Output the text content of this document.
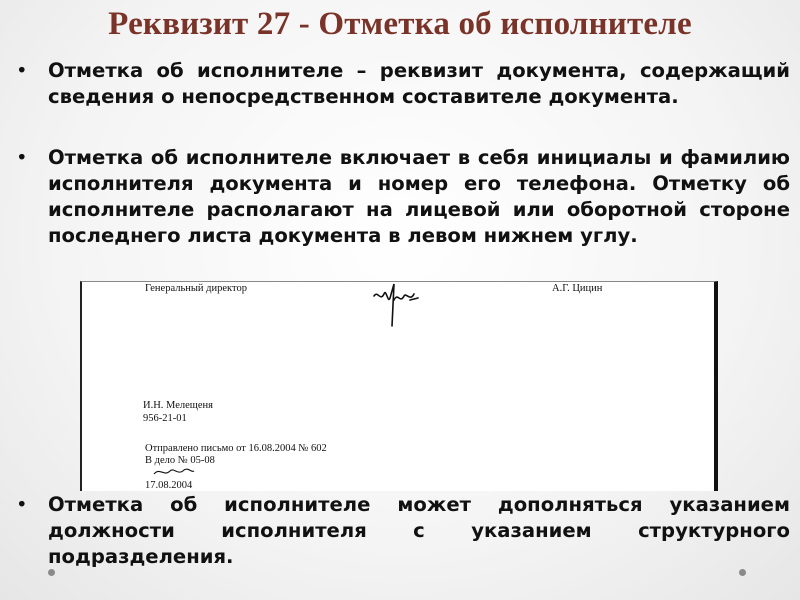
Реквизит 27 - Отметка об исполнителе
• Отметка об исполнителе – реквизит документа, содержащий сведения о непосредственном составителе документа.
• Отметка об исполнителе включает в себя инициалы и фамилию исполнителя документа и номер его телефона. Отметку об исполнителе располагают на лицевой или оборотной стороне последнего листа документа в левом нижнем углу.
Генеральный директор	А.Г. Цицин
И.Н. Мелещеня
956-21-01
Отправлено письмо от 16.08.2004 № 602
В дело № 05-08
17.08.2004
• Отметка об исполнителе может дополняться указанием должности исполнителя с указанием структурного подразделения.
